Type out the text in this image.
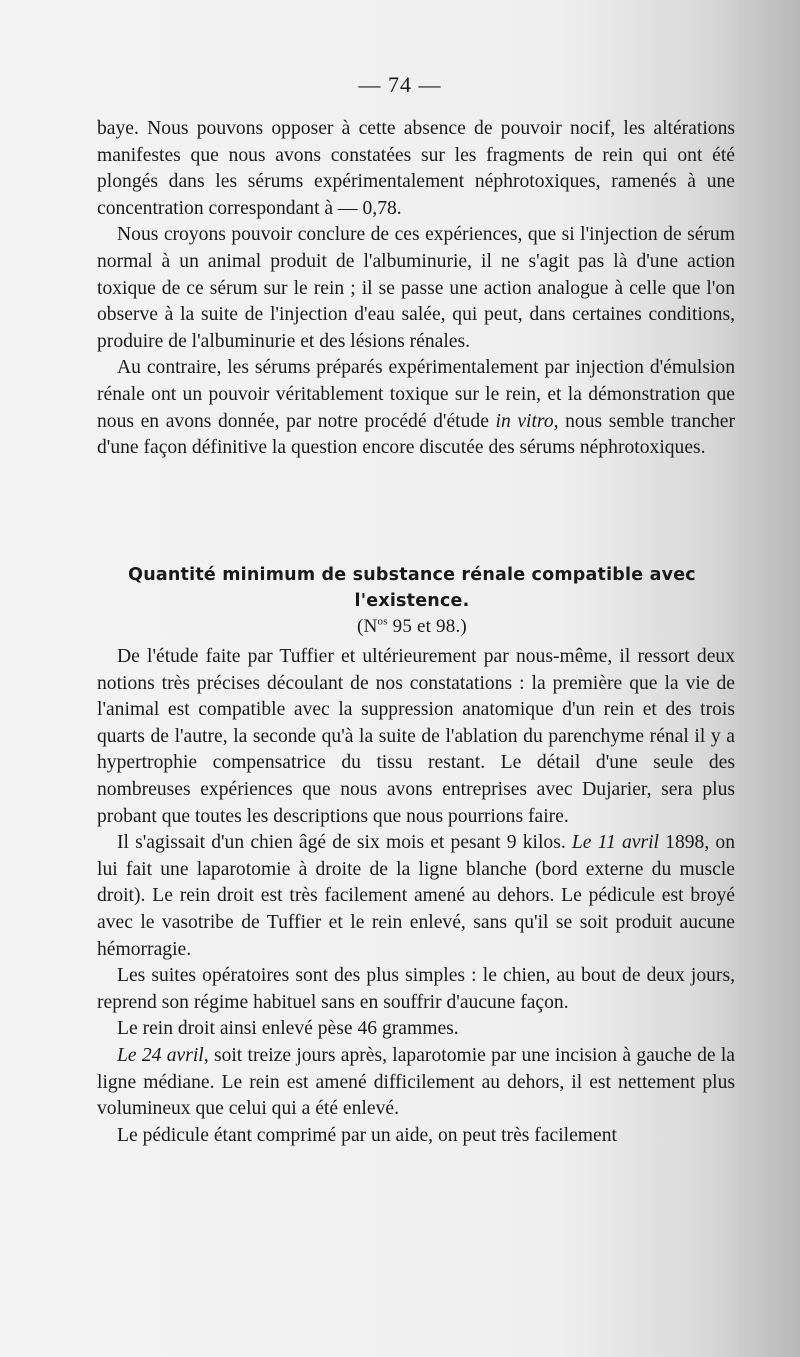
— 74 —

baye. Nous pouvons opposer à cette absence de pouvoir nocif, les altérations manifestes que nous avons constatées sur les fragments de rein qui ont été plongés dans les sérums expérimentalement néphrotoxiques, ramenés à une concentration correspondant à — 0,78.

Nous croyons pouvoir conclure de ces expériences, que si l'injection de sérum normal à un animal produit de l'albuminurie, il ne s'agit pas là d'une action toxique de ce sérum sur le rein ; il se passe une action analogue à celle que l'on observe à la suite de l'injection d'eau salée, qui peut, dans certaines conditions, produire de l'albuminurie et des lésions rénales.

Au contraire, les sérums préparés expérimentalement par injection d'émulsion rénale ont un pouvoir véritablement toxique sur le rein, et la démonstration que nous en avons donnée, par notre procédé d'étude in vitro, nous semble trancher d'une façon définitive la question encore discutée des sérums néphrotoxiques.

Quantité minimum de substance rénale compatible avec l'existence.
($N^{os}$ 95 et 98.)

De l'étude faite par Tuffier et ultérieurement par nous-même, il ressort deux notions très précises découlant de nos constatations : la première que la vie de l'animal est compatible avec la suppression anatomique d'un rein et des trois quarts de l'autre, la seconde qu'à la suite de l'ablation du parenchyme rénal il y a hypertrophie compensatrice du tissu restant. Le détail d'une seule des nombreuses expériences que nous avons entreprises avec Dujarier, sera plus probant que toutes les descriptions que nous pourrions faire.

Il s'agissait d'un chien âgé de six mois et pesant 9 kilos. Le 11 avril 1898, on lui fait une laparotomie à droite de la ligne blanche (bord externe du muscle droit). Le rein droit est très facilement amené au dehors. Le pédicule est broyé avec le vasotribe de Tuffier et le rein enlevé, sans qu'il se soit produit aucune hémorragie.

Les suites opératoires sont des plus simples : le chien, au bout de deux jours, reprend son régime habituel sans en souffrir d'aucune façon.

Le rein droit ainsi enlevé pèse 46 grammes.

Le 24 avril, soit treize jours après, laparotomie par une incision à gauche de la ligne médiane. Le rein est amené difficilement au dehors, il est nettement plus volumineux que celui qui a été enlevé.

Le pédicule étant comprimé par un aide, on peut très facilement
